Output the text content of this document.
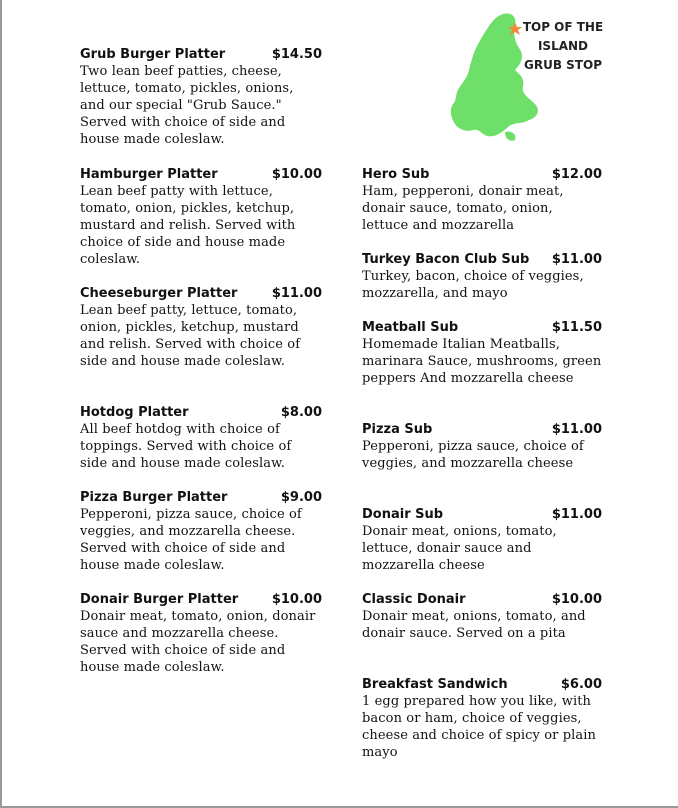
TOP OF THE
ISLAND
GRUB STOP
Grub Burger Platter	$14.50
Two lean beef patties, cheese, lettuce, tomato, pickles, onions, and our special "Grub Sauce." Served with choice of side and house made coleslaw.
Hamburger Platter	$10.00
Lean beef patty with lettuce, tomato, onion, pickles, ketchup, mustard and relish. Served with choice of side and house made coleslaw.
Cheeseburger Platter	$11.00
Lean beef patty, lettuce, tomato, onion, pickles, ketchup, mustard and relish. Served with choice of side and house made coleslaw.
Hotdog Platter	$8.00
All beef hotdog with choice of toppings. Served with choice of side and house made coleslaw.
Pizza Burger Platter	$9.00
Pepperoni, pizza sauce, choice of veggies, and mozzarella cheese. Served with choice of side and house made coleslaw.
Donair Burger Platter	$10.00
Donair meat, tomato, onion, donair sauce and mozzarella cheese. Served with choice of side and house made coleslaw.
Hero Sub	$12.00
Ham, pepperoni, donair meat, donair sauce, tomato, onion, lettuce and mozzarella
Turkey Bacon Club Sub $11.00
Turkey, bacon, choice of veggies, mozzarella, and mayo
Meatball Sub	$11.50
Homemade Italian Meatballs, marinara Sauce, mushrooms, green peppers And mozzarella cheese
Pizza Sub	$11.00
Pepperoni, pizza sauce, choice of veggies, and mozzarella cheese
Donair Sub	$11.00
Donair meat, onions, tomato, lettuce, donair sauce and mozzarella cheese
Classic Donair	$10.00
Donair meat, onions, tomato, and donair sauce. Served on a pita
Breakfast Sandwich	$6.00
1 egg prepared how you like, with bacon or ham, choice of veggies, cheese and choice of spicy or plain mayo
